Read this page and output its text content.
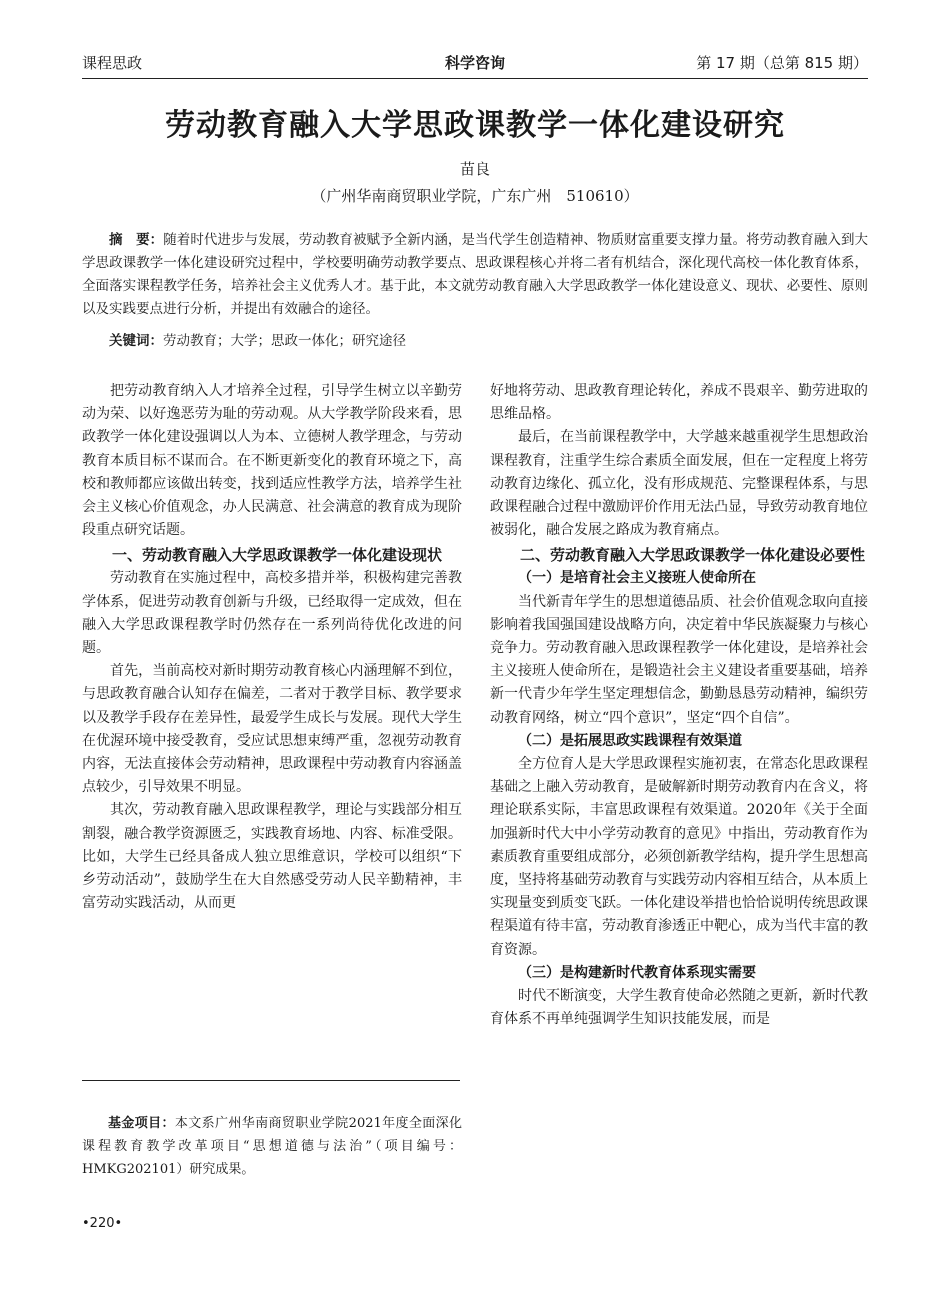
课程思政	科学咨询	第 17 期（总第 815 期）
劳动教育融入大学思政课教学一体化建设研究
苗良
（广州华南商贸职业学院，广东广州　510610）
摘　要：随着时代进步与发展，劳动教育被赋予全新内涵，是当代学生创造精神、物质财富重要支撑力量。将劳动教育融入到大学思政课教学一体化建设研究过程中，学校要明确劳动教学要点、思政课程核心并将二者有机结合，深化现代高校一体化教育体系，全面落实课程教学任务，培养社会主义优秀人才。基于此，本文就劳动教育融入大学思政教学一体化建设意义、现状、必要性、原则以及实践要点进行分析，并提出有效融合的途径。
关键词：劳动教育；大学；思政一体化；研究途径

把劳动教育纳入人才培养全过程，引导学生树立以辛勤劳动为荣、以好逸恶劳为耻的劳动观。从大学教学阶段来看，思政教学一体化建设强调以人为本、立德树人教学理念，与劳动教育本质目标不谋而合。在不断更新变化的教育环境之下，高校和教师都应该做出转变，找到适应性教学方法，培养学生社会主义核心价值观念，办人民满意、社会满意的教育成为现阶段重点研究话题。

一、劳动教育融入大学思政课教学一体化建设现状

劳动教育在实施过程中，高校多措并举，积极构建完善教学体系，促进劳动教育创新与升级，已经取得一定成效，但在融入大学思政课程教学时仍然存在一系列尚待优化改进的问题。

首先，当前高校对新时期劳动教育核心内涵理解不到位，与思政教育融合认知存在偏差，二者对于教学目标、教学要求以及教学手段存在差异性，最爱学生成长与发展。现代大学生在优渥环境中接受教育，受应试思想束缚严重，忽视劳动教育内容，无法直接体会劳动精神，思政课程中劳动教育内容涵盖点较少，引导效果不明显。

其次，劳动教育融入思政课程教学，理论与实践部分相互割裂，融合教学资源匮乏，实践教育场地、内容、标准受限。比如，大学生已经具备成人独立思维意识，学校可以组织“下乡劳动活动”，鼓励学生在大自然感受劳动人民辛勤精神，丰富劳动实践活动，从而更

好地将劳动、思政教育理论转化，养成不畏艰辛、勤劳进取的思维品格。

最后，在当前课程教学中，大学越来越重视学生思想政治课程教育，注重学生综合素质全面发展，但在一定程度上将劳动教育边缘化、孤立化，没有形成规范、完整课程体系，与思政课程融合过程中激励评价作用无法凸显，导致劳动教育地位被弱化，融合发展之路成为教育痛点。

二、劳动教育融入大学思政课教学一体化建设必要性
（一）是培育社会主义接班人使命所在

当代新青年学生的思想道德品质、社会价值观念取向直接影响着我国强国建设战略方向，决定着中华民族凝聚力与核心竞争力。劳动教育融入思政课程教学一体化建设，是培养社会主义接班人使命所在，是锻造社会主义建设者重要基础，培养新一代青少年学生坚定理想信念，勤勤恳恳劳动精神，编织劳动教育网络，树立“四个意识”，坚定“四个自信”。

（二）是拓展思政实践课程有效渠道

全方位育人是大学思政课程实施初衷，在常态化思政课程基础之上融入劳动教育，是破解新时期劳动教育内在含义，将理论联系实际，丰富思政课程有效渠道。2020年《关于全面加强新时代大中小学劳动教育的意见》中指出，劳动教育作为素质教育重要组成部分，必须创新教学结构，提升学生思想高度，坚持将基础劳动教育与实践劳动内容相互结合，从本质上实现量变到质变飞跃。一体化建设举措也恰恰说明传统思政课程渠道有待丰富，劳动教育渗透正中靶心，成为当代丰富的教育资源。

（三）是构建新时代教育体系现实需要

时代不断演变，大学生教育使命必然随之更新，新时代教育体系不再单纯强调学生知识技能发展，而是

基金项目：本文系广州华南商贸职业学院2021年度全面深化课程教育教学改革项目“思想道德与法治”（项目编号：HMKG202101）研究成果。
•220•
